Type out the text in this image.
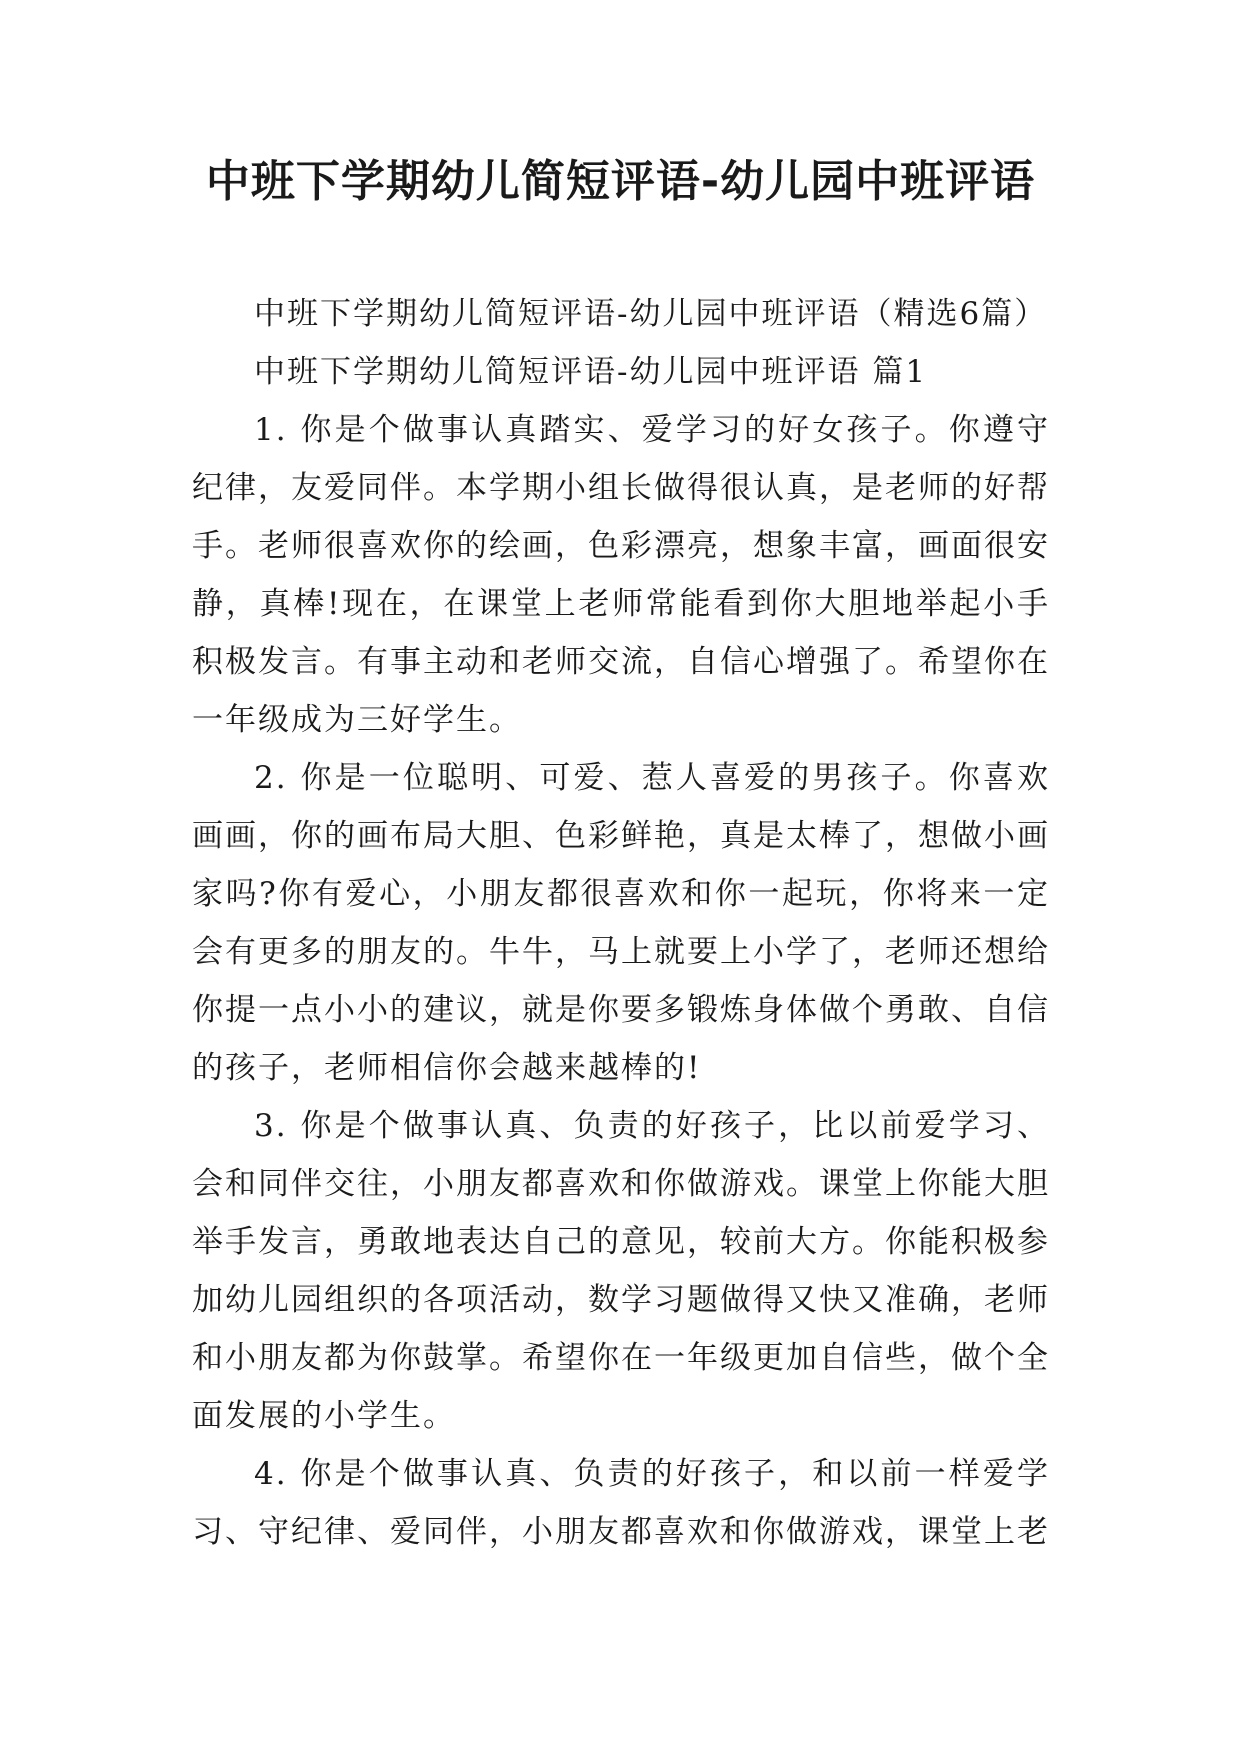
中班下学期幼儿简短评语-幼儿园中班评语

中班下学期幼儿简短评语-幼儿园中班评语（精选6篇）

中班下学期幼儿简短评语-幼儿园中班评语 篇1

1. 你是个做事认真踏实、爱学习的好女孩子。你遵守纪律，友爱同伴。本学期小组长做得很认真，是老师的好帮手。老师很喜欢你的绘画，色彩漂亮，想象丰富，画面很安静，真棒!现在，在课堂上老师常能看到你大胆地举起小手积极发言。有事主动和老师交流，自信心增强了。希望你在一年级成为三好学生。

2. 你是一位聪明、可爱、惹人喜爱的男孩子。你喜欢画画，你的画布局大胆、色彩鲜艳，真是太棒了，想做小画家吗?你有爱心，小朋友都很喜欢和你一起玩，你将来一定会有更多的朋友的。牛牛，马上就要上小学了，老师还想给你提一点小小的建议，就是你要多锻炼身体做个勇敢、自信的孩子，老师相信你会越来越棒的!

3. 你是个做事认真、负责的好孩子，比以前爱学习、会和同伴交往，小朋友都喜欢和你做游戏。课堂上你能大胆举手发言，勇敢地表达自己的意见，较前大方。你能积极参加幼儿园组织的各项活动，数学习题做得又快又准确，老师和小朋友都为你鼓掌。希望你在一年级更加自信些，做个全面发展的小学生。

4. 你是个做事认真、负责的好孩子，和以前一样爱学习、守纪律、爱同伴，小朋友都喜欢和你做游戏，课堂上老
